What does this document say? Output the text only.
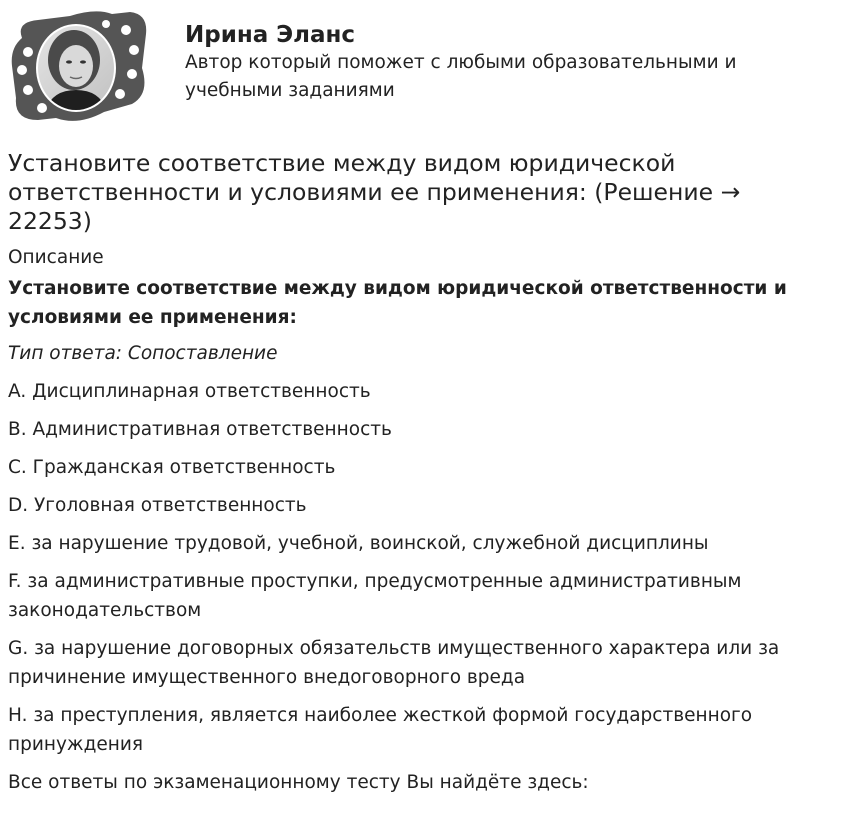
Ирина Эланс
Автор который поможет с любыми образовательными и учебными заданиями
Установите соответствие между видом юридической ответственности и условиями ее применения: (Решение → 22253)
Описание
Установите соответствие между видом юридической ответственности и условиями ее применения:
Тип ответа: Сопоставление
A. Дисциплинарная ответственность
B. Административная ответственность
C. Гражданская ответственность
D. Уголовная ответственность
E. за нарушение трудовой, учебной, воинской, служебной дисциплины
F. за административные проступки, предусмотренные административным законодательством
G. за нарушение договорных обязательств имущественного характера или за причинение имущественного внедоговорного вреда
H. за преступления, является наиболее жесткой формой государственного принуждения
Все ответы по экзаменационному тесту Вы найдёте здесь:
